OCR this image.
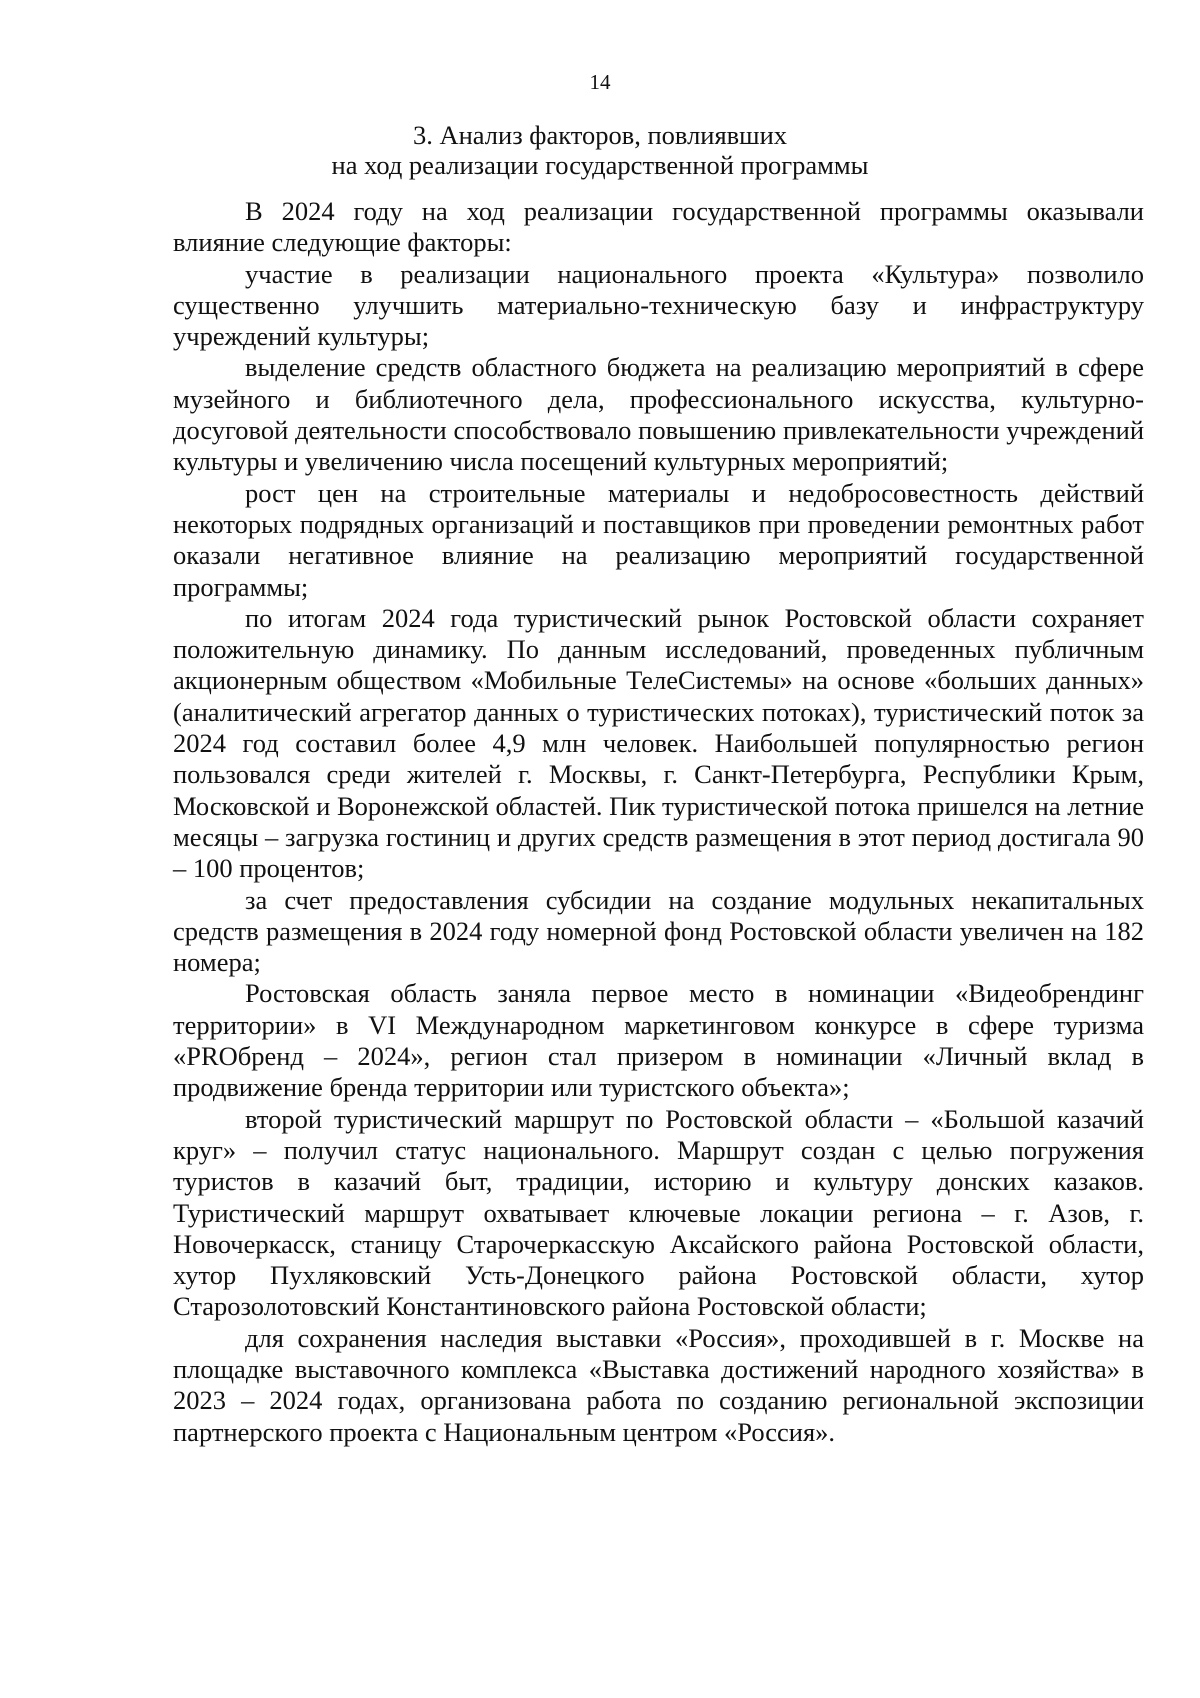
14
3. Анализ факторов, повлиявших
на ход реализации государственной программы

В 2024 году на ход реализации государственной программы оказывали влияние следующие факторы:

участие в реализации национального проекта «Культура» позволило существенно улучшить материально-техническую базу и инфраструктуру учреждений культуры;

выделение средств областного бюджета на реализацию мероприятий в сфере музейного и библиотечного дела, профессионального искусства, культурно-досуговой деятельности способствовало повышению привлекательности учреждений культуры и увеличению числа посещений культурных мероприятий;

рост цен на строительные материалы и недобросовестность действий некоторых подрядных организаций и поставщиков при проведении ремонтных работ оказали негативное влияние на реализацию мероприятий государственной программы;

по итогам 2024 года туристический рынок Ростовской области сохраняет положительную динамику. По данным исследований, проведенных публичным акционерным обществом «Мобильные ТелеСистемы» на основе «больших данных» (аналитический агрегатор данных о туристических потоках), туристический поток за 2024 год составил более 4,9 млн человек. Наибольшей популярностью регион пользовался среди жителей г. Москвы, г. Санкт-Петербурга, Республики Крым, Московской и Воронежской областей. Пик туристической потока пришелся на летние месяцы – загрузка гостиниц и других средств размещения в этот период достигала 90 – 100 процентов;

за счет предоставления субсидии на создание модульных некапитальных средств размещения в 2024 году номерной фонд Ростовской области увеличен на 182 номера;

Ростовская область заняла первое место в номинации «Видеобрендинг территории» в VI Международном маркетинговом конкурсе в сфере туризма «PROбренд – 2024», регион стал призером в номинации «Личный вклад в продвижение бренда территории или туристского объекта»;

второй туристический маршрут по Ростовской области – «Большой казачий круг» – получил статус национального. Маршрут создан с целью погружения туристов в казачий быт, традиции, историю и культуру донских казаков. Туристический маршрут охватывает ключевые локации региона – г. Азов, г. Новочеркасск, станицу Старочеркасскую Аксайского района Ростовской области, хутор Пухляковский Усть-Донецкого района Ростовской области, хутор Старозолотовский Константиновского района Ростовской области;

для сохранения наследия выставки «Россия», проходившей в г. Москве на площадке выставочного комплекса «Выставка достижений народного хозяйства» в 2023 – 2024 годах, организована работа по созданию региональной экспозиции партнерского проекта с Национальным центром «Россия».
